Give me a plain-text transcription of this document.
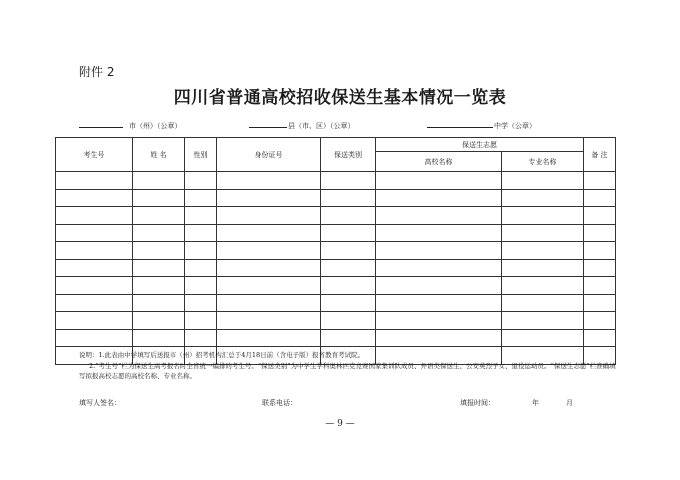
附件 2
四川省普通高校招收保送生基本情况一览表
市（州）（公章）	县（市、区）（公章）	中学（公章）
考生号	姓 名	性别	身份证号	保送类别	保送生志愿		备 注
					高校名称	专业名称	

说明：1.此表由中学填写后送报市（州）招考机构汇总于4月18日前（含电子版）报省教育考试院。

2.“考生号”栏为保送生高考报名时全省统一编排的考生号。“保送类别”为中学生学科奥林匹克竞赛国家集训队成员、外语类保送生、公安英烈子女、退役运动员。“保送生志愿”栏准确填写拟报高校志愿的高校名称、专业名称。

填写人签名：	联系电话：	填报时间：	年	月
— 9 —
